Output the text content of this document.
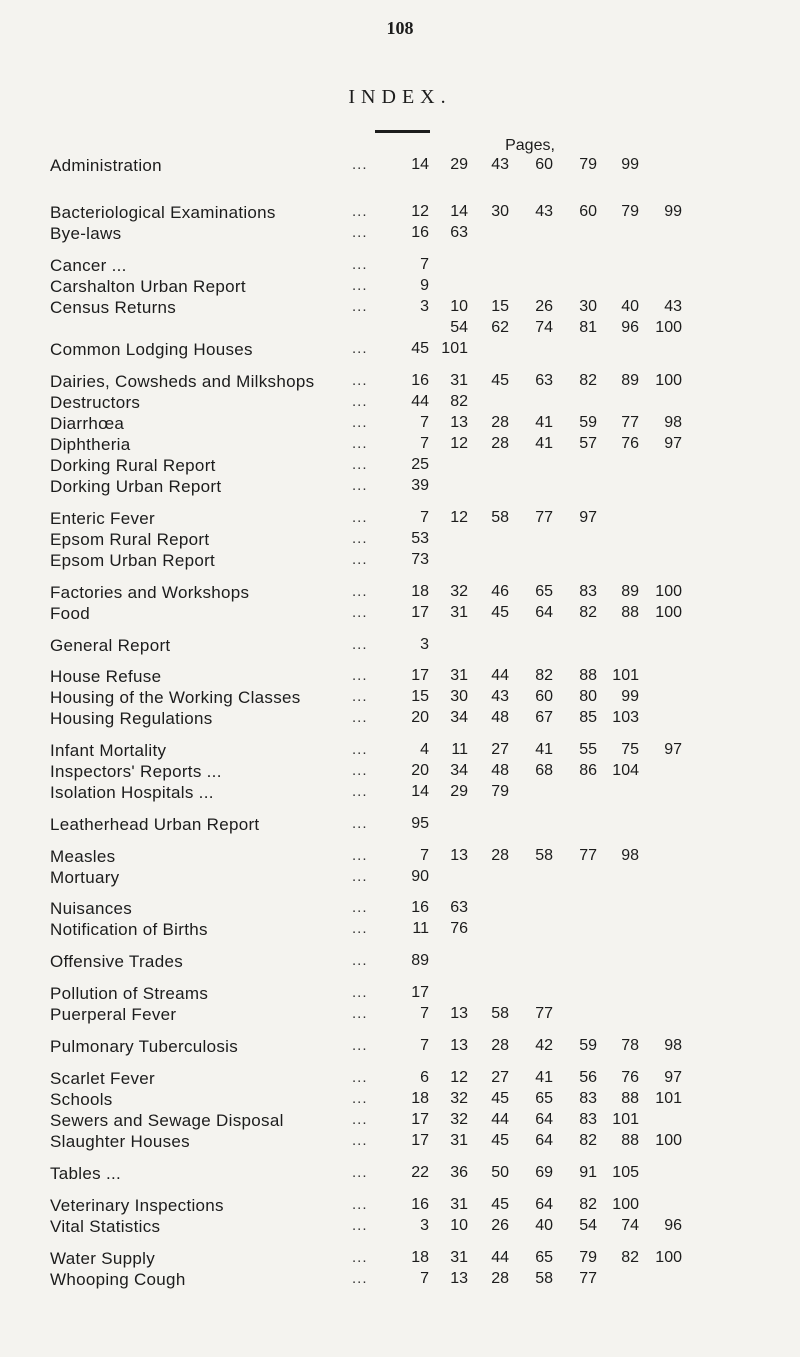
108
INDEX.
Pages,
Administration	...	14	29	43	60	79	99
Bacteriological Examinations	...	12	14	30	43	60	79	99
Bye-laws	...	16	63
Cancer ...	...	7
Carshalton Urban Report	...	9
Census Returns	...	3	10	15	26	30	40	43
54	62	74	81	96	100
Common Lodging Houses	...	45 101
Dairies, Cowsheds and Milkshops	...	16	31	45	63	82	89	100
Destructors	...	44	82
Diarrhœa	...	7	13	28	41	59	77	98
Diphtheria	...	7	12	28	41	57	76	97
Dorking Rural Report	...	25
Dorking Urban Report	...	39
Enteric Fever	...	7	12	58	77	97
Epsom Rural Report	...	53
Epsom Urban Report	...	73
Factories and Workshops	...	18	32	46	65	83	89	100
Food	...	17	31	45	64	82	88	100
General Report	...	3
House Refuse	...	17	31	44	82	88 101
Housing of the Working Classes	...	15	30	43	60	80	99
Housing Regulations	...	20	34	48	67	85 103
Infant Mortality	...	4	11	27	41	55	75	97
Inspectors' Reports ...	...	20	34	48	68	86 104
Isolation Hospitals ...	...	14	29	79
Leatherhead Urban Report	...	95
Measles	...	7	13	28	58	77	98
Mortuary	...	90
Nuisances	...	16	63
Notification of Births	...	11	76
Offensive Trades	...	89
Pollution of Streams	...	17
Puerperal Fever	...	7	13	58	77
Pulmonary Tuberculosis	...	7	13	28	42	59	78	98
Scarlet Fever	...	6	12	27	41	56	76	97
Schools	...	18	32	45	65	83	88	101
Sewers and Sewage Disposal	...	17	32	44	64	83 101
Slaughter Houses	...	17	31	45	64	82	88	100
Tables ...	...	22	36	50	69	91 105
Veterinary Inspections	...	16	31	45	64	82 100
Vital Statistics	...	3	10	26	40	54	74	96
Water Supply	...	18	31	44	65	79	82	100
Whooping Cough	...	7	13	28	58	77
